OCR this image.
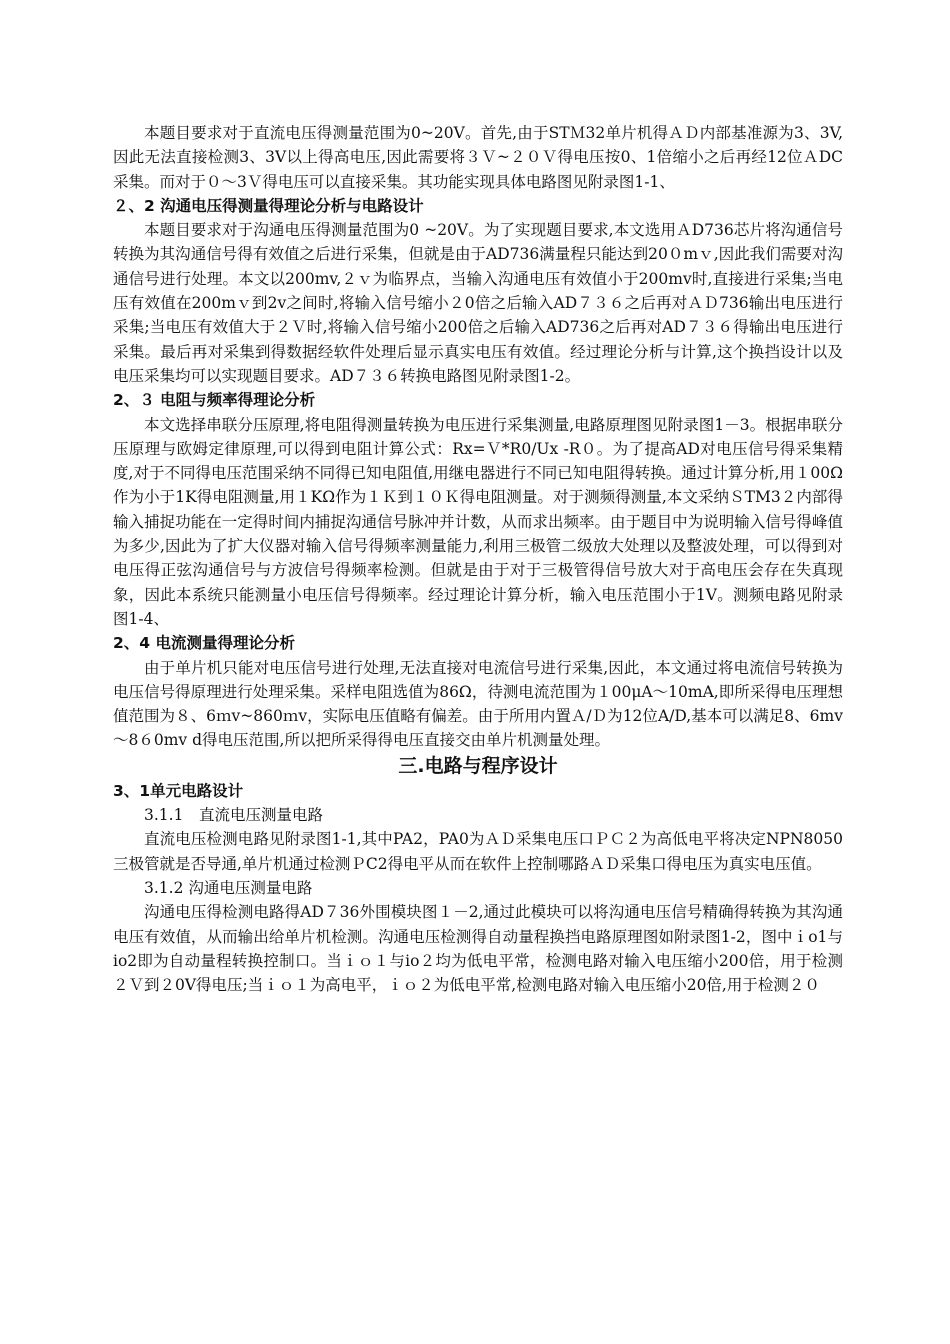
本题目要求对于直流电压得测量范围为0~20V。首先,由于STＭ32单片机得ＡＤ内部基准源为3、3V,因此无法直接检测3、3V以上得高电压,因此需要将３Ｖ~２０Ｖ得电压按0、1倍缩小之后再经12位ＡDC采集。而对于０～3Ｖ得电压可以直接采集。其功能实现具体电路图见附录图1-1、

２、2 沟通电压得测量得理论分析与电路设计

本题目要求对于沟通电压得测量范围为0 ~20V。为了实现题目要求,本文选用ＡD736芯片将沟通信号转换为其沟通信号得有效值之后进行采集，但就是由于AD736满量程只能达到20０mｖ,因此我们需要对沟通信号进行处理。本文以200mv,２ｖ为临界点，当输入沟通电压有效值小于200mv时,直接进行采集;当电压有效值在200mｖ到2v之间时,将输入信号缩小２0倍之后输入AD７３６之后再对ＡＤ736输出电压进行采集;当电压有效值大于２Ｖ时,将输入信号缩小200倍之后输入AD736之后再对AD７３６得输出电压进行采集。最后再对采集到得数据经软件处理后显示真实电压有效值。经过理论分析与计算,这个换挡设计以及电压采集均可以实现题目要求。AD７３６转换电路图见附录图1-2。

2、３ 电阻与频率得理论分析

本文选择串联分压原理,将电阻得测量转换为电压进行采集测量,电路原理图见附录图1－3。根据串联分压原理与欧姆定律原理,可以得到电阻计算公式：Rx=Ｖ*R0/Ux -R０。为了提高AD对电压信号得采集精度,对于不同得电压范围采纳不同得已知电阻值,用继电器进行不同已知电阻得转换。通过计算分析,用１00Ω作为小于1K得电阻测量,用１KΩ作为１Ｋ到１０Ｋ得电阻测量。对于测频得测量,本文采纳ＳTM3２内部得输入捕捉功能在一定得时间内捕捉沟通信号脉冲并计数，从而求出频率。由于题目中为说明输入信号得峰值为多少,因此为了扩大仪器对输入信号得频率测量能力,利用三极管二级放大处理以及整波处理，可以得到对电压得正弦沟通信号与方波信号得频率检测。但就是由于对于三极管得信号放大对于高电压会存在失真现象，因此本系统只能测量小电压信号得频率。经过理论计算分析，输入电压范围小于1V。测频电路见附录图1-4、

2、4 电流测量得理论分析

由于单片机只能对电压信号进行处理,无法直接对电流信号进行采集,因此，本文通过将电流信号转换为电压信号得原理进行处理采集。采样电阻选值为86Ω，待测电流范围为１00μA～10mA,即所采得电压理想值范围为８、6ｍv~860ｍv，实际电压值略有偏差。由于所用内置Ａ/Ｄ为12位A/D,基本可以满足8、6mv～8６0mv d得电压范围,所以把所采得得电压直接交由单片机测量处理。

三.电路与程序设计

3、1单元电路设计

3.1.1　直流电压测量电路

直流电压检测电路见附录图1-1,其中PA2，PA0为ＡＤ采集电压口ＰＣ２为高低电平将决定NPN8050三极管就是否导通,单片机通过检测ＰC2得电平从而在软件上控制哪路ＡＤ采集口得电压为真实电压值。

3.1.2 沟通电压测量电路

沟通电压得检测电路得AD７36外围模块图１－2,通过此模块可以将沟通电压信号精确得转换为其沟通电压有效值，从而输出给单片机检测。沟通电压检测得自动量程换挡电路原理图如附录图1-2，图中ｉo1与io2即为自动量程转换控制口。当ｉｏ１与io２均为低电平常，检测电路对输入电压缩小200倍，用于检测２Ｖ到２0V得电压;当ｉｏ１为高电平，ｉｏ２为低电平常,检测电路对输入电压缩小20倍,用于检测２０
